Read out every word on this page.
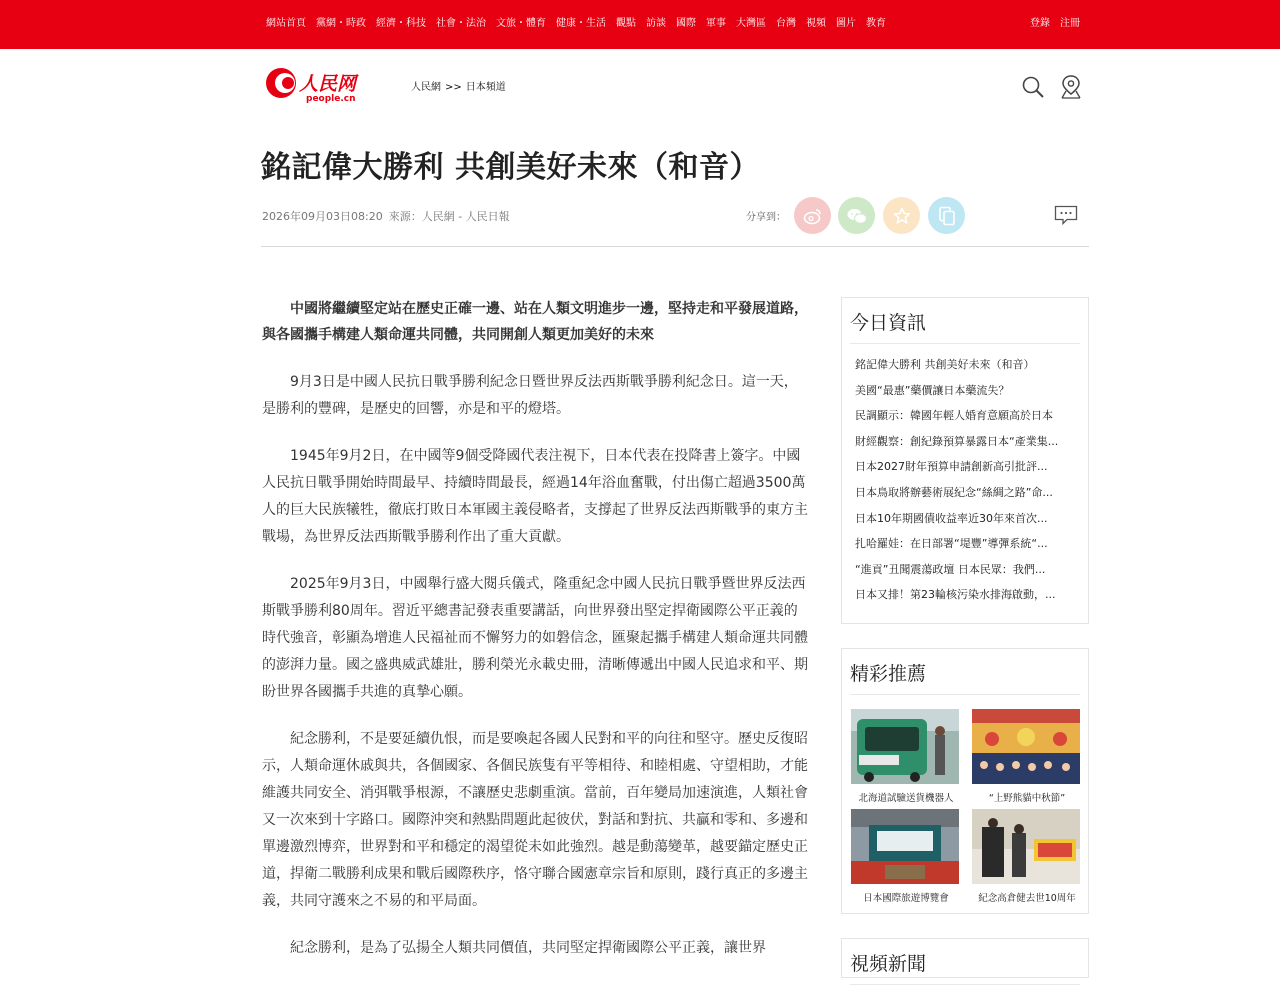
網站首頁 黨網・時政 經濟・科技 社會・法治 文旅・體育 健康・生活 觀點 訪談 國際 軍事 大灣區 台灣 視頻 圖片 教育	登錄 注冊
人民网
people.cn
人民網 >> 日本頻道
銘記偉大勝利 共創美好未來（和音）
2026年09月03日08:20 來源：人民網 - 人民日報	分享到：

中國將繼續堅定站在歷史正確一邊、站在人類文明進步一邊，堅持走和平發展道路，與各國攜手構建人類命運共同體，共同開創人類更加美好的未來

9月3日是中國人民抗日戰爭勝利紀念日暨世界反法西斯戰爭勝利紀念日。這一天，是勝利的豐碑，是歷史的回響，亦是和平的燈塔。

1945年9月2日，在中國等9個受降國代表注視下，日本代表在投降書上簽字。中國人民抗日戰爭開始時間最早、持續時間最長，經過14年浴血奮戰，付出傷亡超過3500萬人的巨大民族犧牲，徹底打敗日本軍國主義侵略者，支撐起了世界反法西斯戰爭的東方主戰場，為世界反法西斯戰爭勝利作出了重大貢獻。

2025年9月3日，中國舉行盛大閱兵儀式，隆重紀念中國人民抗日戰爭暨世界反法西斯戰爭勝利80周年。習近平總書記發表重要講話，向世界發出堅定捍衛國際公平正義的時代強音，彰顯為增進人民福祉而不懈努力的如磐信念，匯聚起攜手構建人類命運共同體的澎湃力量。國之盛典威武雄壯，勝利榮光永載史冊，清晰傳遞出中國人民追求和平、期盼世界各國攜手共進的真摯心願。

紀念勝利，不是要延續仇恨，而是要喚起各國人民對和平的向往和堅守。歷史反復昭示，人類命運休戚與共，各個國家、各個民族隻有平等相待、和睦相處、守望相助，才能維護共同安全、消弭戰爭根源，不讓歷史悲劇重演。當前，百年變局加速演進，人類社會又一次來到十字路口。國際沖突和熱點問題此起彼伏，對話和對抗、共贏和零和、多邊和單邊激烈博弈，世界對和平和穩定的渴望從未如此強烈。越是動蕩變革，越要錨定歷史正道，捍衛二戰勝利成果和戰后國際秩序，恪守聯合國憲章宗旨和原則，踐行真正的多邊主義，共同守護來之不易的和平局面。

紀念勝利，是為了弘揚全人類共同價值，共同堅定捍衛國際公平正義，讓世界

今日資訊
銘記偉大勝利 共創美好未來（和音）
美國“最惠”藥價讓日本藥流失？
民調顯示：韓國年輕人婚育意願高於日本
財經觀察：創紀錄預算暴露日本“產業集...
日本2027財年預算申請創新高引批評...
日本鳥取將辦藝術展紀念“絲綢之路”命...
日本10年期國債收益率近30年來首次...
扎哈羅娃：在日部署“堤豐”導彈系統“...
“進貢”丑聞震蕩政壇 日本民眾：我們...
日本又排！第23輪核污染水排海啟動，...
精彩推薦
北海道試驗送貨機器人	“上野熊貓中秋節”
日本國際旅遊博覽會	紀念高倉健去世10周年
視頻新聞
